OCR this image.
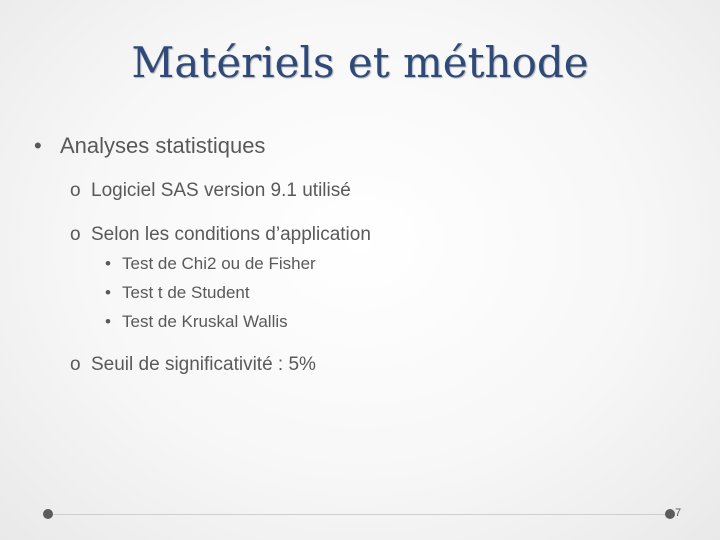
Matériels et méthode
• Analyses statistiques
o Logiciel SAS version 9.1 utilisé
o Selon les conditions d’application
• Test de Chi2 ou de Fisher
• Test t de Student
• Test de Kruskal Wallis
o Seuil de significativité : 5%
7
